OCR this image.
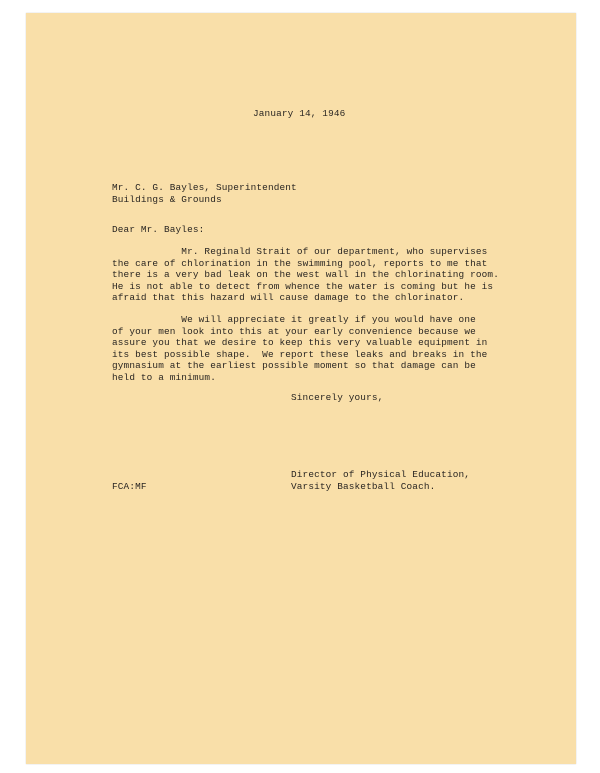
January 14, 1946
Mr. C. G. Bayles, Superintendent
Buildings & Grounds
Dear Mr. Bayles:
Mr. Reginald Strait of our department, who supervises
the care of chlorination in the swimming pool, reports to me that
there is a very bad leak on the west wall in the chlorinating room.
He is not able to detect from whence the water is coming but he is
afraid that this hazard will cause damage to the chlorinator.
We will appreciate it greatly if you would have one
of your men look into this at your early convenience because we
assure you that we desire to keep this very valuable equipment in
its best possible shape.  We report these leaks and breaks in the
gymnasium at the earliest possible moment so that damage can be
held to a minimum.
Sincerely yours,
Director of Physical Education,
Varsity Basketball Coach.
FCA:MF
